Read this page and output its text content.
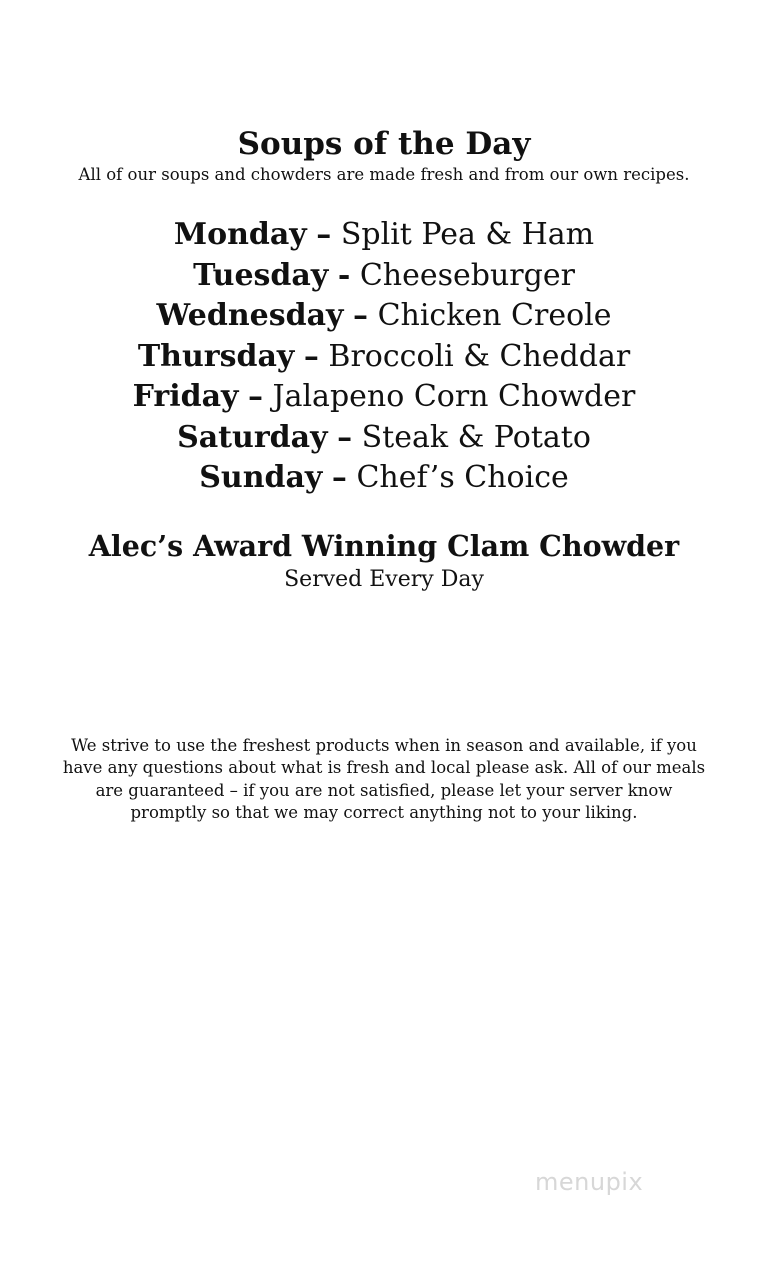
Soups of the Day
All of our soups and chowders are made fresh and from our own recipes.
Monday – Split Pea & Ham
Tuesday - Cheeseburger
Wednesday – Chicken Creole
Thursday – Broccoli & Cheddar
Friday – Jalapeno Corn Chowder
Saturday – Steak & Potato
Sunday – Chef’s Choice
Alec’s Award Winning Clam Chowder
Served Every Day

We strive to use the freshest products when in season and available, if you have any questions about what is fresh and local please ask. All of our meals are guaranteed – if you are not satisfied, please let your server know promptly so that we may correct anything not to your liking.

menupix
